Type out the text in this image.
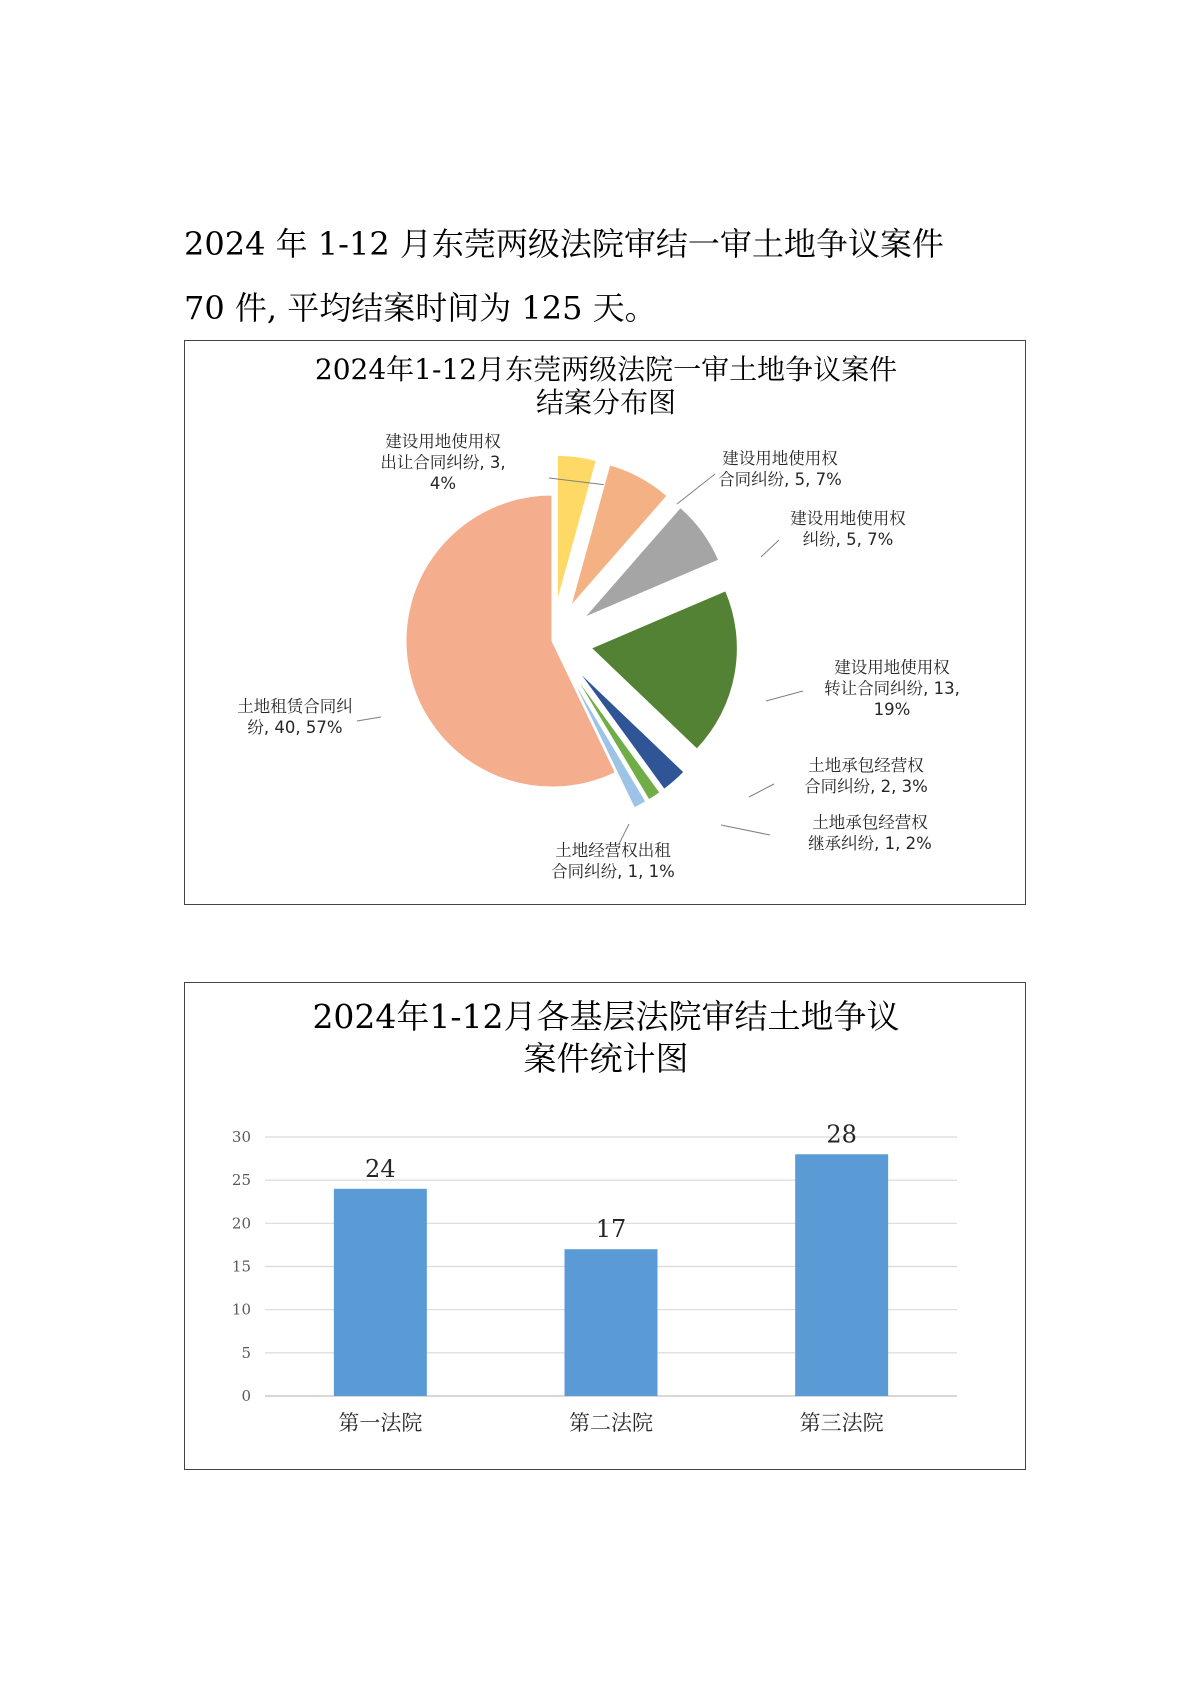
2024 年 1-12 月东莞两级法院审结一审土地争议案件

70 件, 平均结案时间为 125 天。

2024年1-12月东莞两级法院一审土地争议案件
结案分布图
建设用地使用权出让合同纠纷, 3, 4%
建设用地使用权合同纠纷, 5, 7%
建设用地使用权纠纷, 5, 7%
建设用地使用权转让合同纠纷, 13, 19%
土地承包经营权合同纠纷, 2, 3%
土地承包经营权继承纠纷, 1, 2%
土地经营权出租合同纠纷, 1, 1%
土地租赁合同纠纷, 40, 57%
2024年1-12月各基层法院审结土地争议
案件统计图
0
5
10
15
20
25
30
24
第一法院
17
第二法院
28
第三法院
